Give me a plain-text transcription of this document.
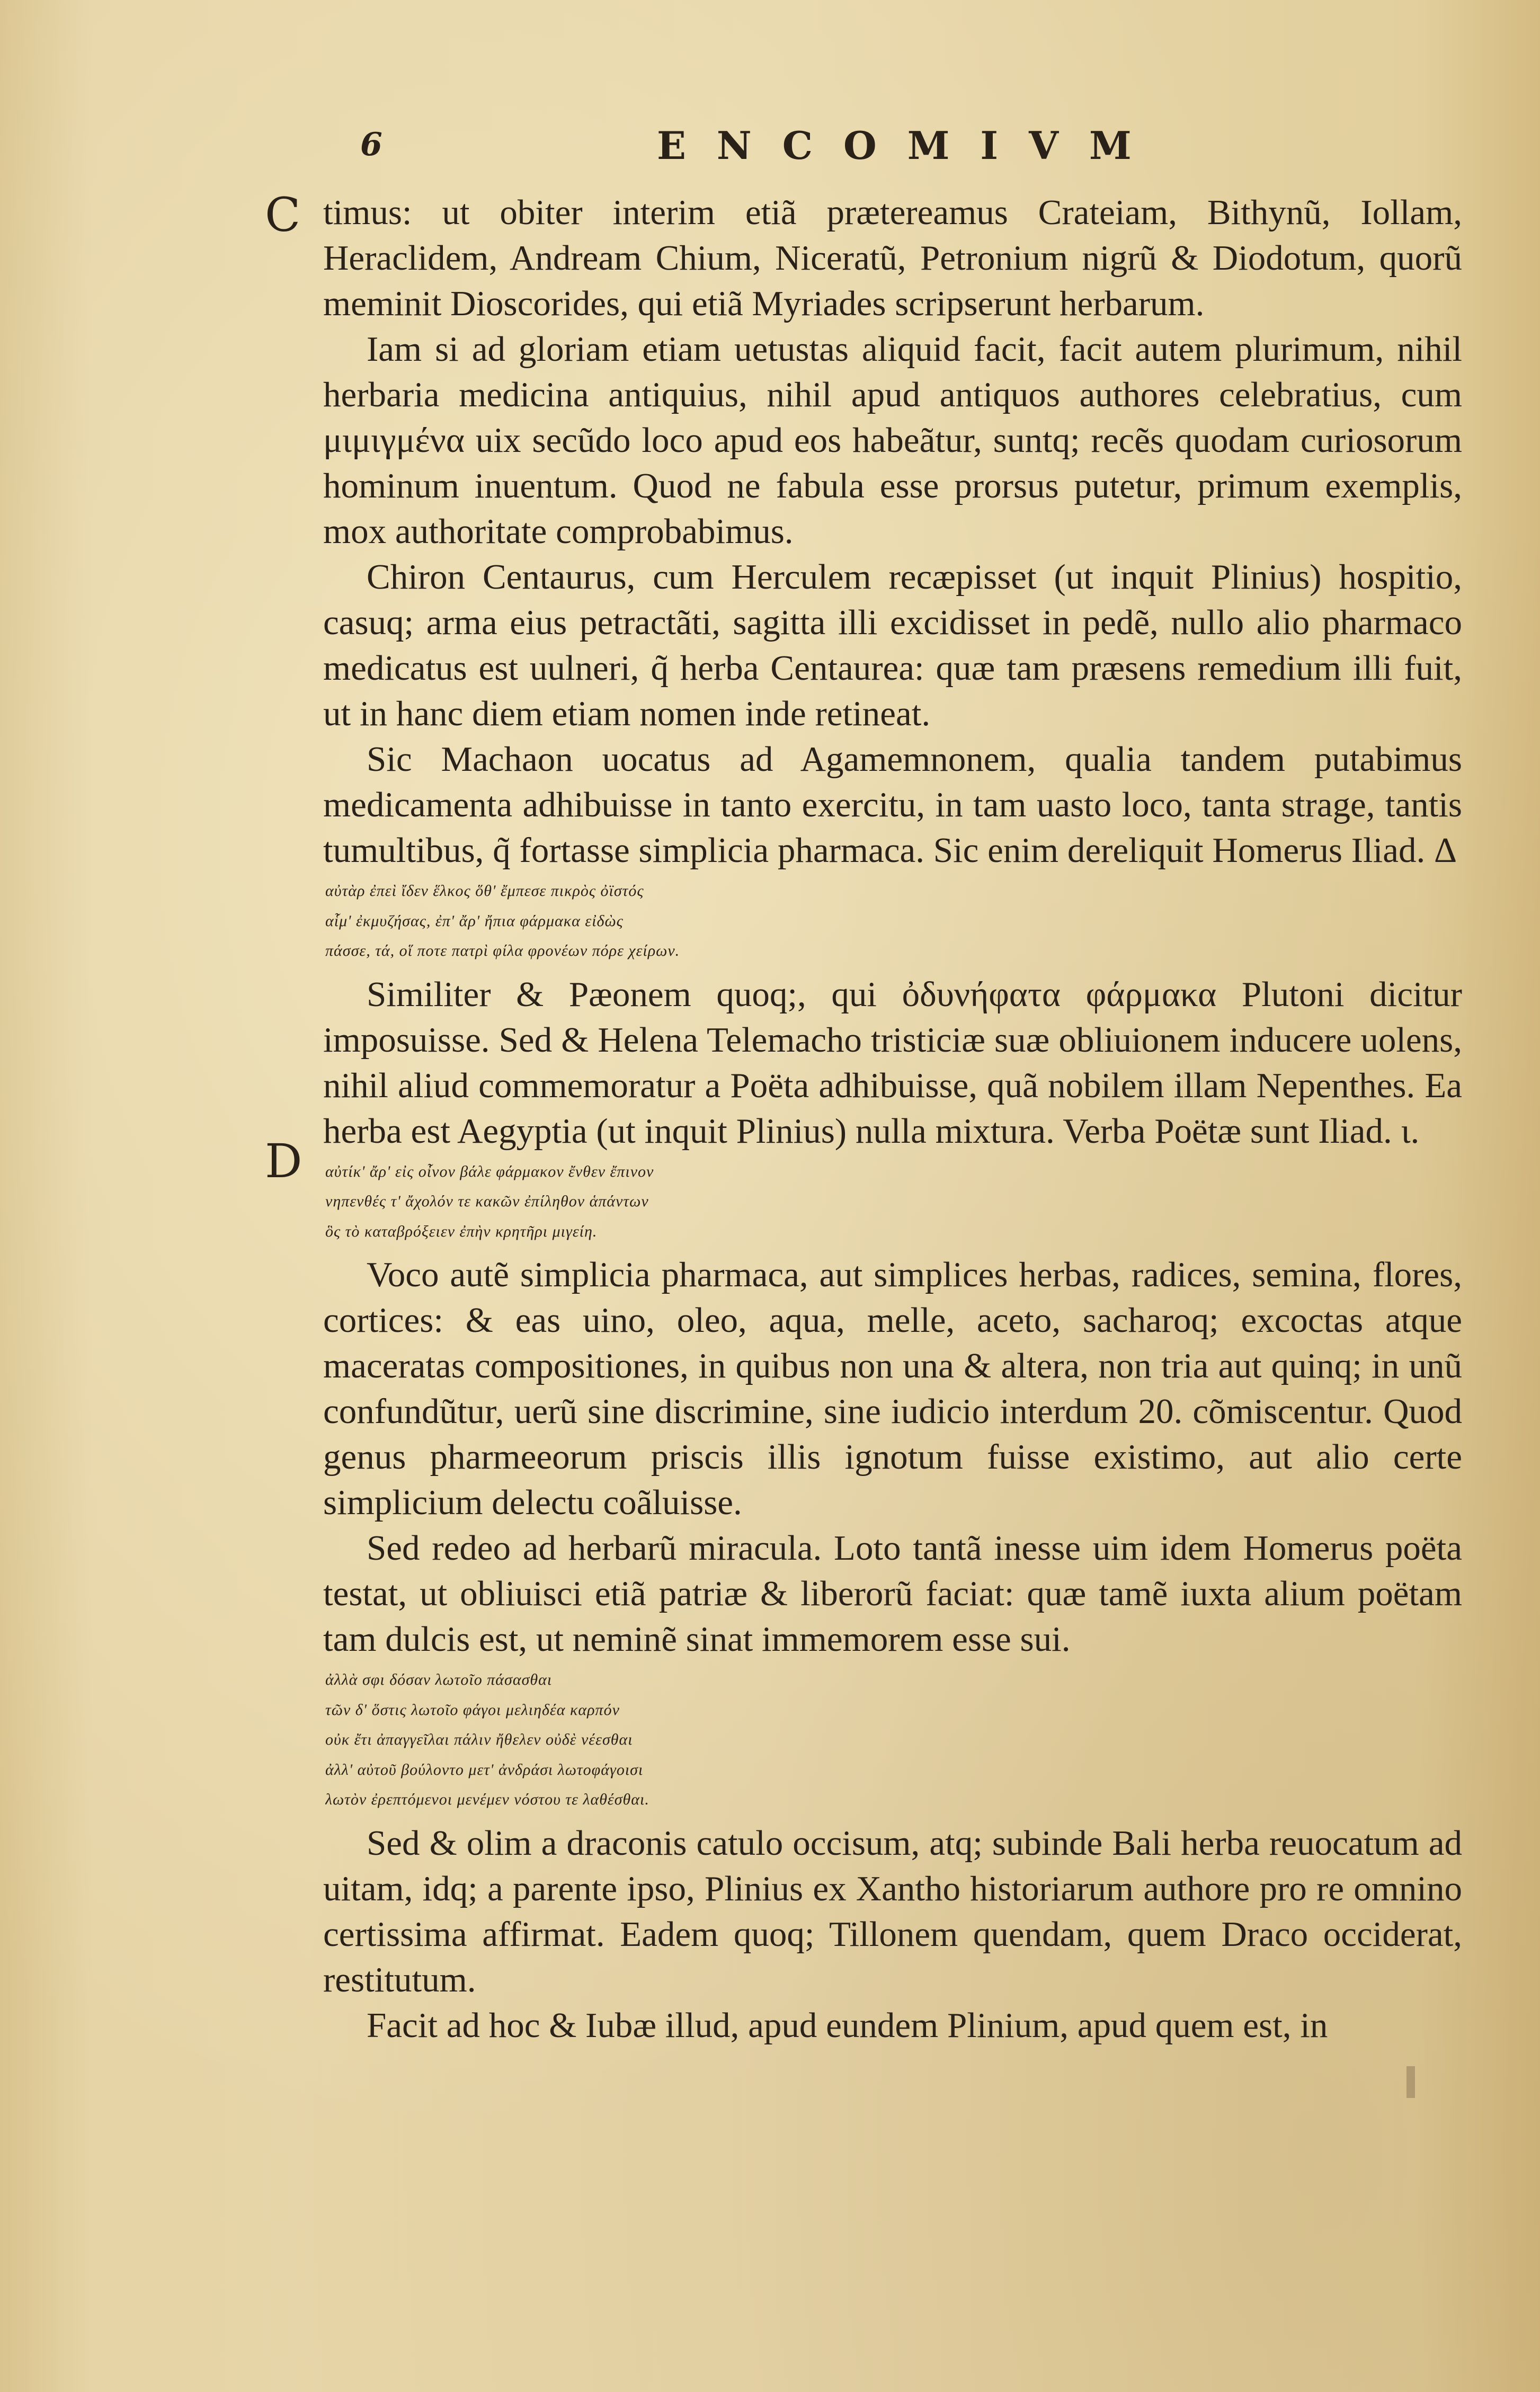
6	ENCOMIVM
C
D

timus: ut obiter interim etiã prætereamus Crateiam, Bithynũ, Iollam, Heraclidem, Andream Chium, Niceratũ, Petronium nigrũ & Diodotum, quorũ meminit Dioscorides, qui etiã Myriades scripserunt herbarum.

Iam si ad gloriam etiam uetustas aliquid facit, facit autem plurimum, nihil herbaria medicina antiquius, nihil apud antiquos authores celebratius, cum μιμιγμένα uix secũdo loco apud eos habeãtur, suntq; recẽs quodam curiosorum hominum inuentum. Quod ne fabula esse prorsus putetur, primum exemplis, mox authoritate comprobabimus.

Chiron Centaurus, cum Herculem recæpisset (ut inquit Plinius) hospitio, casuq; arma eius petractãti, sagitta illi excidisset in pedẽ, nullo alio pharmaco medicatus est uulneri, q̃ herba Centaurea: quæ tam præsens remedium illi fuit, ut in hanc diem etiam nomen inde retineat.

Sic Machaon uocatus ad Agamemnonem, qualia tandem putabimus medicamenta adhibuisse in tanto exercitu, in tam uasto loco, tanta strage, tantis tumultibus, q̃ fortasse simplicia pharmaca. Sic enim dereliquit Homerus Iliad. Δ

αὐτὰρ ἐπεὶ ἴδεν ἕλκος ὅθ' ἔμπεσε πικρὸς ὀϊστός
αἷμ' ἐκμυζήσας, ἐπ' ἄρ' ἤπια φάρμακα εἰδὼς
πάσσε, τά, οἵ ποτε πατρὶ φίλα φρονέων πόρε χείρων.

Similiter & Pæonem quoq;, qui ὀδυνήφατα φάρμακα Plutoni dicitur imposuisse. Sed & Helena Telemacho tristiciæ suæ obliuionem inducere uolens, nihil aliud commemoratur a Poëta adhibuisse, quã nobilem illam Nepenthes. Ea herba est Aegyptia (ut inquit Plinius) nulla mixtura. Verba Poëtæ sunt Iliad. ι.

αὐτίκ' ἄρ' εἰς οἶνον βάλε φάρμακον ἔνθεν ἔπινον
νηπενθές τ' ἄχολόν τε κακῶν ἐπίληθον ἁπάντων
ὃς τὸ καταβρόξειεν ἐπὴν κρητῆρι μιγείη.

Voco autẽ simplicia pharmaca, aut simplices herbas, radices, semina, flores, cortices: & eas uino, oleo, aqua, melle, aceto, sacharoq; excoctas atque maceratas compositiones, in quibus non una & altera, non tria aut quinq; in unũ confundũtur, uerũ sine discrimine, sine iudicio interdum 20. cõmiscentur. Quod genus pharmeeorum priscis illis ignotum fuisse existimo, aut alio certe simplicium delectu coãluisse.

Sed redeo ad herbarũ miracula. Loto tantã inesse uim idem Homerus poëta testat, ut obliuisci etiã patriæ & liberorũ faciat: quæ tamẽ iuxta alium poëtam tam dulcis est, ut neminẽ sinat immemorem esse sui.

ἀλλὰ σφι δόσαν λωτοῖο πάσασθαι
τῶν δ' ὅστις λωτοῖο φάγοι μελιηδέα καρπόν
οὐκ ἔτι ἀπαγγεῖλαι πάλιν ἤθελεν οὐδὲ νέεσθαι
ἀλλ' αὐτοῦ βούλοντο μετ' ἀνδράσι λωτοφάγοισι
λωτὸν ἐρεπτόμενοι μενέμεν νόστου τε λαθέσθαι.

Sed & olim a draconis catulo occisum, atq; subinde Bali herba reuocatum ad uitam, idq; a parente ipso, Plinius ex Xantho historiarum authore pro re omnino certissima affirmat. Eadem quoq; Tillonem quendam, quem Draco occiderat, restitutum.

Facit ad hoc & Iubæ illud, apud eundem Plinium, apud quem est, in
